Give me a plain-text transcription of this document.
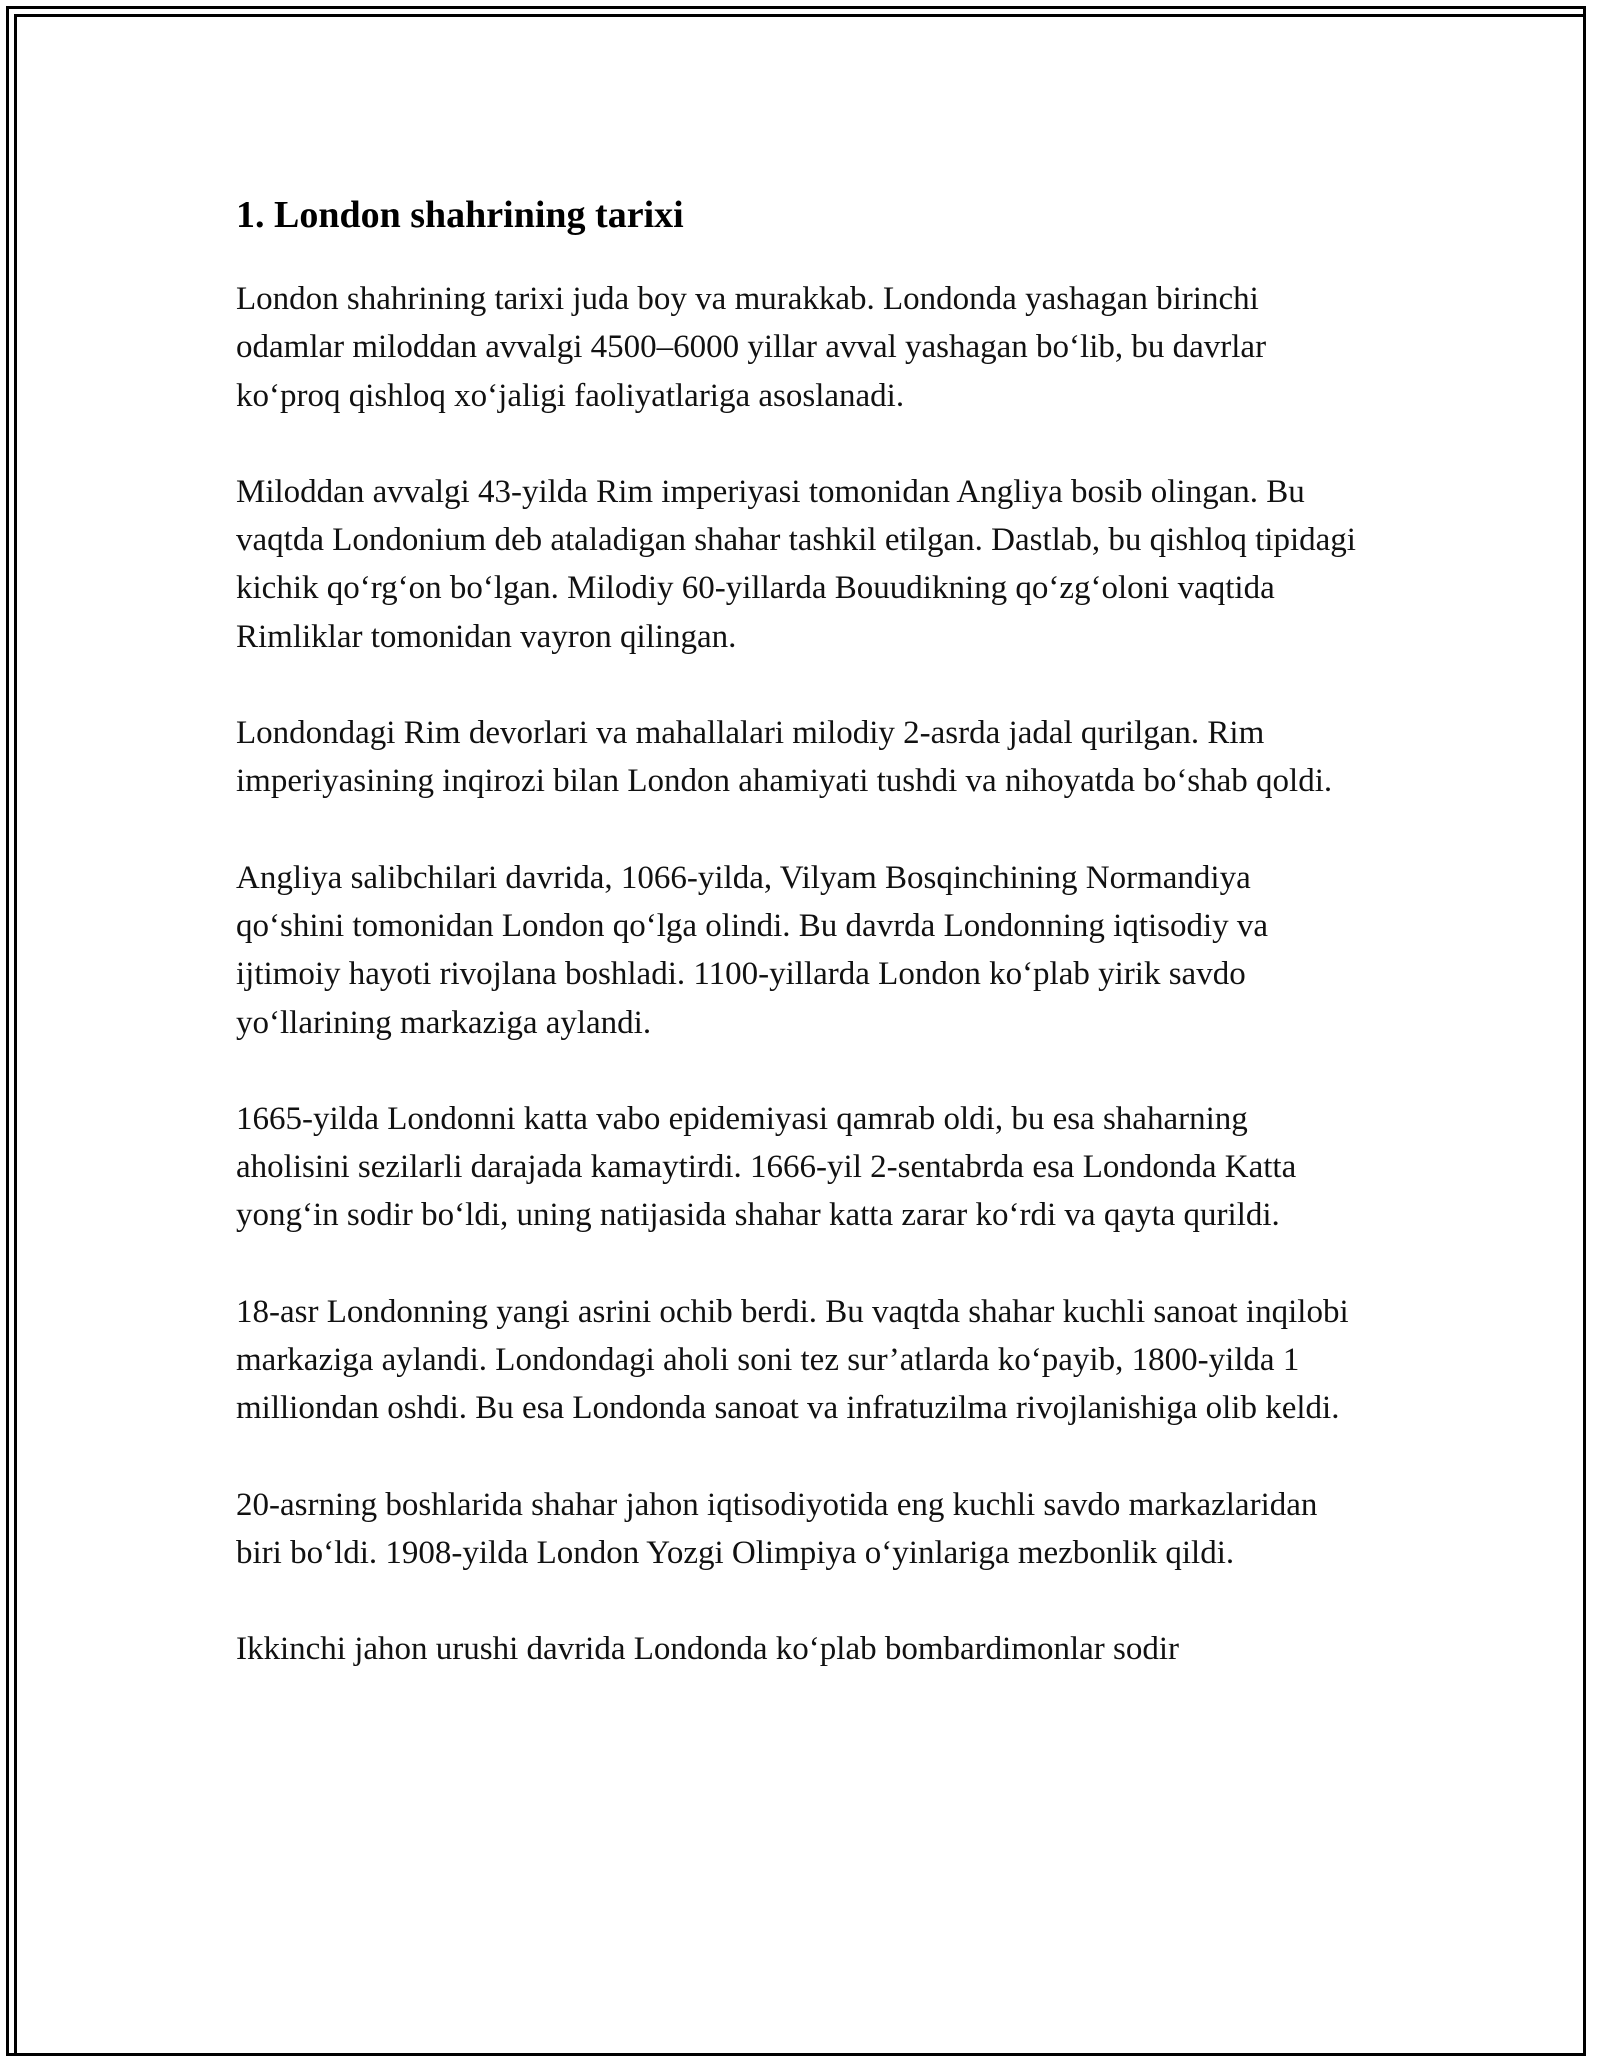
1. London shahrining tarixi

London shahrining tarixi juda boy va murakkab. Londonda yashagan birinchi odamlar miloddan avvalgi 4500–6000 yillar avval yashagan bo‘lib, bu davrlar ko‘proq qishloq xo‘jaligi faoliyatlariga asoslanadi.

Miloddan avvalgi 43-yilda Rim imperiyasi tomonidan Angliya bosib olingan. Bu vaqtda Londonium deb ataladigan shahar tashkil etilgan. Dastlab, bu qishloq tipidagi kichik qo‘rg‘on bo‘lgan. Milodiy 60-yillarda Bouudikning qo‘zg‘oloni vaqtida Rimliklar tomonidan vayron qilingan.

Londondagi Rim devorlari va mahallalari milodiy 2-asrda jadal qurilgan. Rim imperiyasining inqirozi bilan London ahamiyati tushdi va nihoyatda bo‘shab qoldi.

Angliya salibchilari davrida, 1066-yilda, Vilyam Bosqinchining Normandiya qo‘shini tomonidan London qo‘lga olindi. Bu davrda Londonning iqtisodiy va ijtimoiy hayoti rivojlana boshladi. 1100-yillarda London ko‘plab yirik savdo yo‘llarining markaziga aylandi.

1665-yilda Londonni katta vabo epidemiyasi qamrab oldi, bu esa shaharning aholisini sezilarli darajada kamaytirdi. 1666-yil 2-sentabrda esa Londonda Katta yong‘in sodir bo‘ldi, uning natijasida shahar katta zarar ko‘rdi va qayta qurildi.

18-asr Londonning yangi asrini ochib berdi. Bu vaqtda shahar kuchli sanoat inqilobi markaziga aylandi. Londondagi aholi soni tez sur’atlarda ko‘payib, 1800-yilda 1 milliondan oshdi. Bu esa Londonda sanoat va infratuzilma rivojlanishiga olib keldi.

20-asrning boshlarida shahar jahon iqtisodiyotida eng kuchli savdo markazlaridan biri bo‘ldi. 1908-yilda London Yozgi Olimpiya o‘yinlariga mezbonlik qildi.

Ikkinchi jahon urushi davrida Londonda ko‘plab bombardimonlar sodir
